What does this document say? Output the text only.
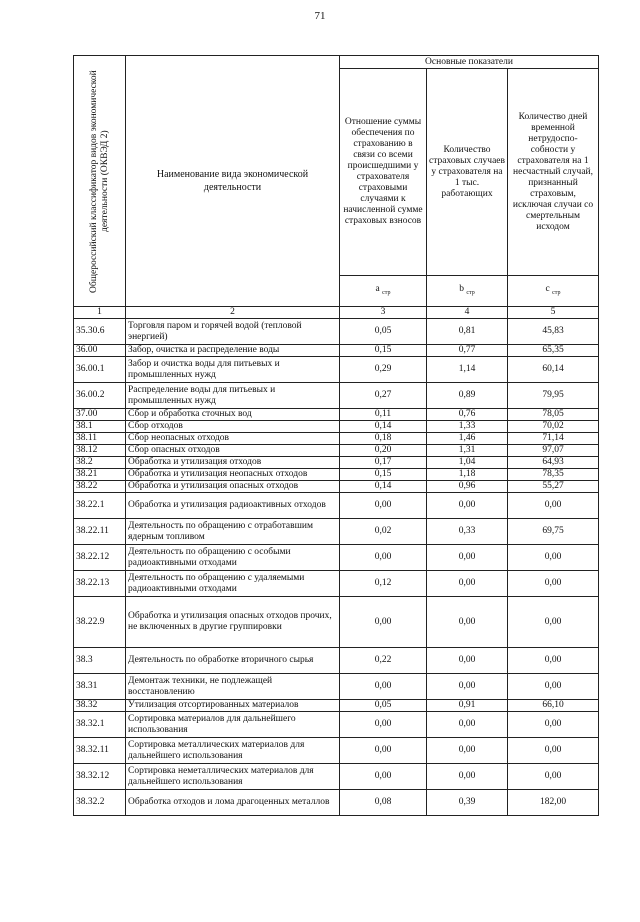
71
Общероссийский классификатор видов экономической деятельности (ОКВЭД 2)	Наименование вида экономической деятельности	Основные показатели		
		Отношение суммы обеспечения по страхованию в связи со всеми происшедшими у страхователя страховыми случаями к начисленной сумме страховых взносов	Количество страховых случаев у страхователя на 1 тыс. работающих	Количество дней временной нетрудоспо-собности у страхователя на 1 несчастный случай, признанный страховым, исключая случаи со смертельным исходом
		a $_{стр}$	b $_{стр}$	c $_{стр}$
1	2	3	4	5
35.30.6	Торговля паром и горячей водой (тепловой энергией)	0,05	0,81	45,83
36.00	Забор, очистка и распределение воды	0,15	0,77	65,35
36.00.1	Забор и очистка воды для питьевых и промышленных нужд	0,29	1,14	60,14
36.00.2	Распределение воды для питьевых и промышленных нужд	0,27	0,89	79,95
37.00	Сбор и обработка сточных вод	0,11	0,76	78,05
38.1	Сбор отходов	0,14	1,33	70,02
38.11	Сбор неопасных отходов	0,18	1,46	71,14
38.12	Сбор опасных отходов	0,20	1,31	97,07
38.2	Обработка и утилизация отходов	0,17	1,04	64,93
38.21	Обработка и утилизация неопасных отходов	0,15	1,18	78,35
38.22	Обработка и утилизация опасных отходов	0,14	0,96	55,27
38.22.1	Обработка и утилизация радиоактивных отходов	0,00	0,00	0,00
38.22.11	Деятельность по обращению с отработавшим ядерным топливом	0,02	0,33	69,75
38.22.12	Деятельность по обращению с особыми радиоактивными отходами	0,00	0,00	0,00
38.22.13	Деятельность по обращению с удаляемыми радиоактивными отходами	0,12	0,00	0,00
38.22.9	Обработка и утилизация опасных отходов прочих, не включенных в другие группировки	0,00	0,00	0,00
38.3	Деятельность по обработке вторичного сырья	0,22	0,00	0,00
38.31	Демонтаж техники, не подлежащей восстановлению	0,00	0,00	0,00
38.32	Утилизация отсортированных материалов	0,05	0,91	66,10
38.32.1	Сортировка материалов для дальнейшего использования	0,00	0,00	0,00
38.32.11	Сортировка металлических материалов для дальнейшего использования	0,00	0,00	0,00
38.32.12	Сортировка неметаллических материалов для дальнейшего использования	0,00	0,00	0,00
38.32.2	Обработка отходов и лома драгоценных металлов	0,08	0,39	182,00
